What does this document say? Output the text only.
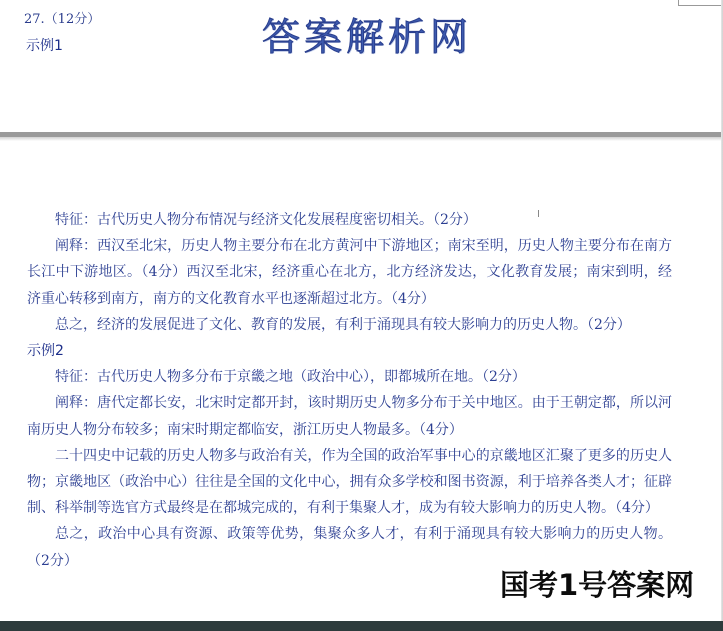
27.（12分）
示例1	答案解析网

特征：古代历史人物分布情况与经济文化发展程度密切相关。（2分）

阐释：西汉至北宋，历史人物主要分布在北方黄河中下游地区；南宋至明，历史人物主要分布在南方长江中下游地区。（4分）西汉至北宋，经济重心在北方，北方经济发达，文化教育发展；南宋到明，经济重心转移到南方，南方的文化教育水平也逐渐超过北方。（4分）

总之，经济的发展促进了文化、教育的发展，有利于涌现具有较大影响力的历史人物。（2分）

示例2

特征：古代历史人物多分布于京畿之地（政治中心），即都城所在地。（2分）

阐释：唐代定都长安，北宋时定都开封，该时期历史人物多分布于关中地区。由于王朝定都，所以河南历史人物分布较多；南宋时期定都临安，浙江历史人物最多。（4分）

二十四史中记载的历史人物多与政治有关，作为全国的政治军事中心的京畿地区汇聚了更多的历史人物；京畿地区（政治中心）往往是全国的文化中心，拥有众多学校和图书资源，利于培养各类人才；征辟制、科举制等选官方式最终是在都城完成的，有利于集聚人才，成为有较大影响力的历史人物。（4分）

总之，政治中心具有资源、政策等优势，集聚众多人才，有利于涌现具有较大影响力的历史人物。（2分）

国考1号答案网
